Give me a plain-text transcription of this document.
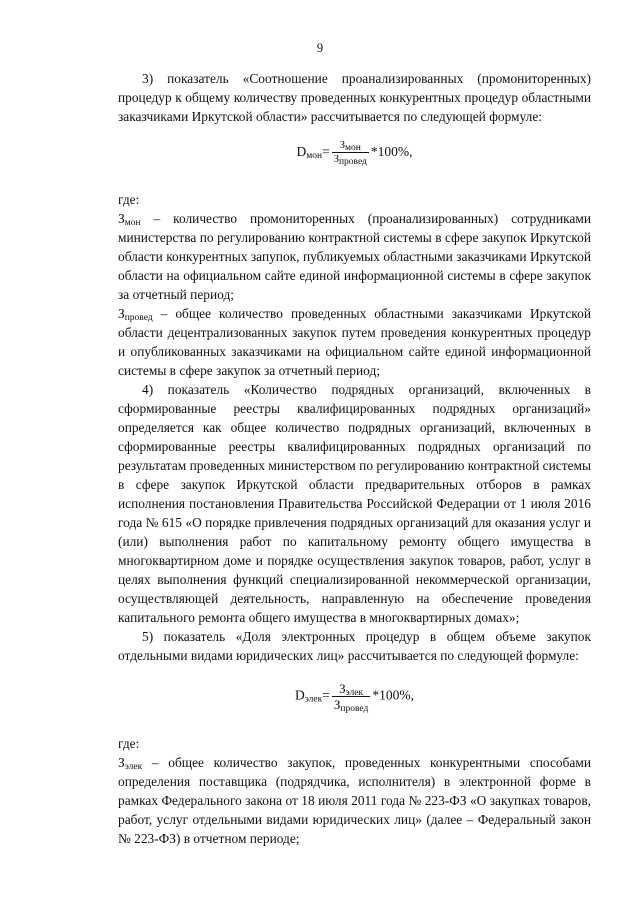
9

3) показатель «Соотношение проанализированных (промониторенных) процедур к общему количеству проведенных конкурентных процедур областными заказчиками Иркутской области» рассчитывается по следующей формуле:

$D_{мон}= \frac{З_{мон}}{З_{провед}} *100\%$,

где:

$З_{мон}$ – количество промониторенных (проанализированных) сотрудниками министерства по регулированию контрактной системы в сфере закупок Иркутской области конкурентных запупок, публикуемых областными заказчиками Иркутской области на официальном сайте единой информационной системы в сфере закупок за отчетный период;

$З_{провед}$ – общее количество проведенных областными заказчиками Иркутской области децентрализованных закупок путем проведения конкурентных процедур и опубликованных заказчиками на официальном сайте единой информационной системы в сфере закупок за отчетный период;

4) показатель «Количество подрядных организаций, включенных в сформированные реестры квалифицированных подрядных организаций» определяется как общее количество подрядных организаций, включенных в сформированные реестры квалифицированных подрядных организаций по результатам проведенных министерством по регулированию контрактной системы в сфере закупок Иркутской области предварительных отборов в рамках исполнения постановления Правительства Российской Федерации от 1 июля 2016 года № 615 «О порядке привлечения подрядных организаций для оказания услуг и (или) выполнения работ по капитальному ремонту общего имущества в многоквартирном доме и порядке осуществления закупок товаров, работ, услуг в целях выполнения функций специализированной некоммерческой организации, осуществляющей деятельность, направленную на обеспечение проведения капитального ремонта общего имущества в многоквартирных домах»;

5) показатель «Доля электронных процедур в общем объеме закупок отдельными видами юридических лиц» рассчитывается по следующей формуле:

$D_{элек}= \frac{З_{элек}}{З_{провед}} *100\%$,

где:

$З_{элек}$ – общее количество закупок, проведенных конкурентными способами определения поставщика (подрядчика, исполнителя) в электронной форме в рамках Федерального закона от 18 июля 2011 года № 223-ФЗ «О закупках товаров, работ, услуг отдельными видами юридических лиц» (далее – Федеральный закон № 223-ФЗ) в отчетном периоде;
